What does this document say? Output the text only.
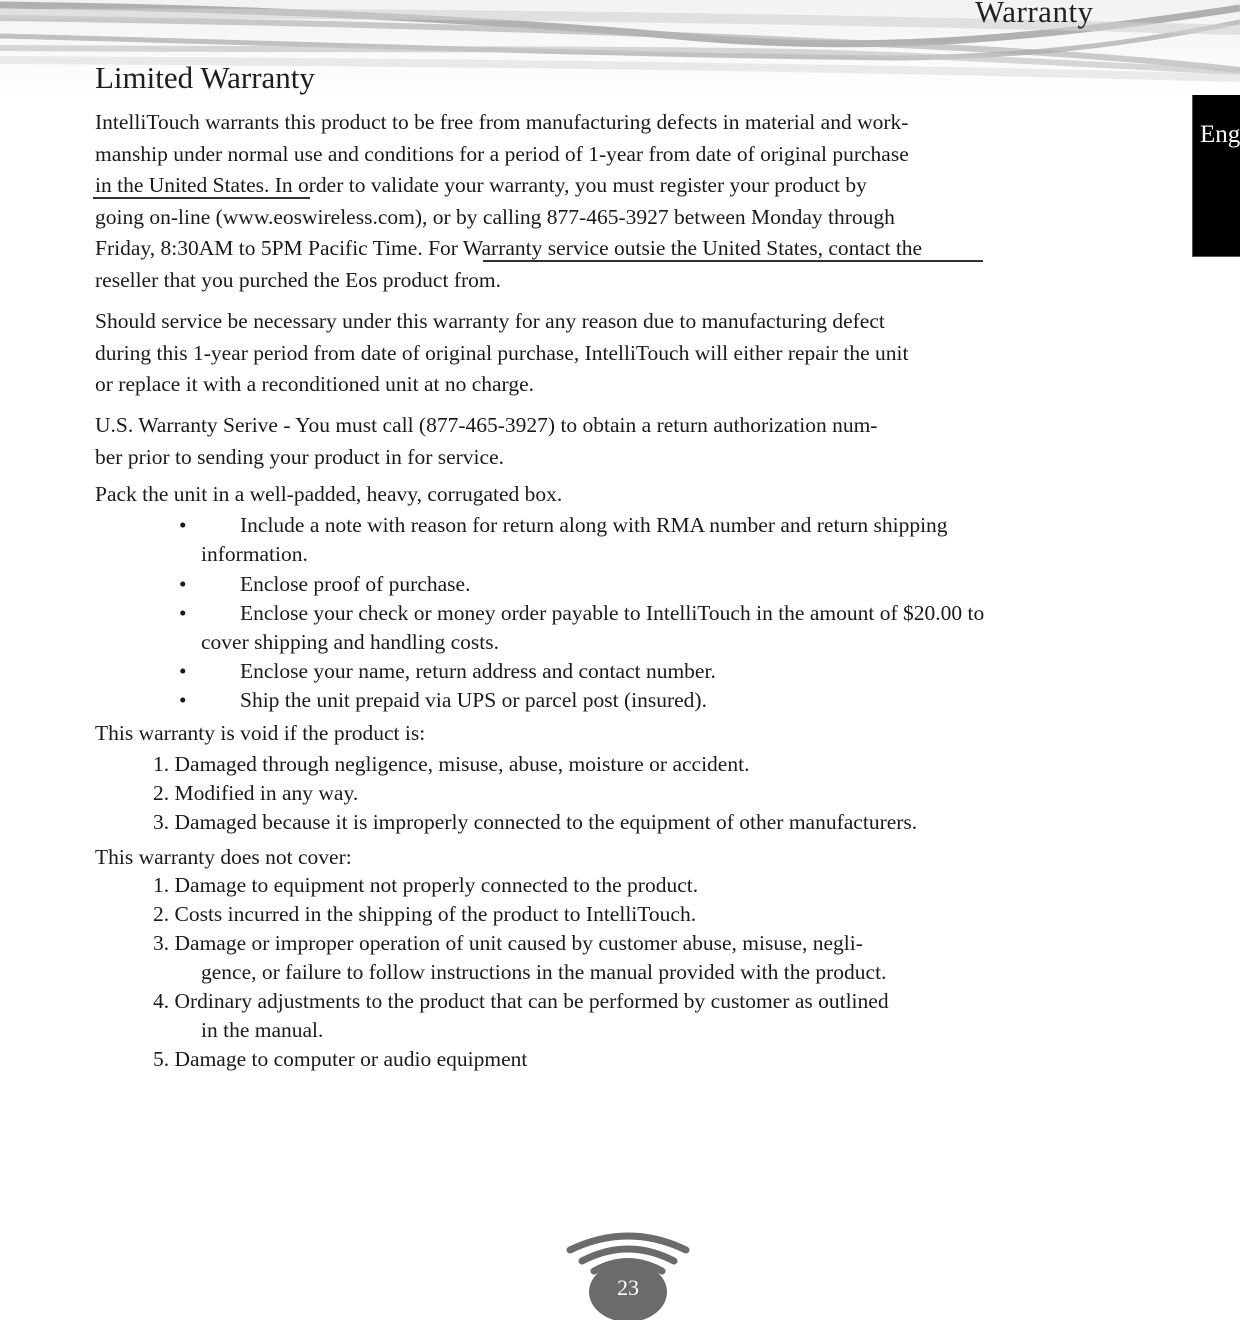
Warranty
Eng
Limited Warranty
IntelliTouch warrants this product to be free from manufacturing defects in material and work-
manship under normal use and conditions for a period of 1-year from date of original purchase
in the United States. In order to validate your warranty, you must register your product by
going on-line (www.eoswireless.com), or by calling 877-465-3927 between Monday through
Friday, 8:30AM to 5PM Pacific Time. For Warranty service outsie the United States, contact the
reseller that you purched the Eos product from.
Should service be necessary under this warranty for any reason due to manufacturing defect
during this 1-year period from date of original purchase, IntelliTouch will either repair the unit
or replace it with a reconditioned unit at no charge.
U.S. Warranty Serive - You must call (877-465-3927) to obtain a return authorization num-
ber prior to sending your product in for service.
Pack the unit in a well-padded, heavy, corrugated box.
• Include a note with reason for return along with RMA number and return shipping
information.
• Enclose proof of purchase.
• Enclose your check or money order payable to IntelliTouch in the amount of $20.00 to
cover shipping and handling costs.
• Enclose your name, return address and contact number.
• Ship the unit prepaid via UPS or parcel post (insured).
This warranty is void if the product is:
1. Damaged through negligence, misuse, abuse, moisture or accident.
2. Modified in any way.
3. Damaged because it is improperly connected to the equipment of other manufacturers.
This warranty does not cover:
1. Damage to equipment not properly connected to the product.
2. Costs incurred in the shipping of the product to IntelliTouch.
3. Damage or improper operation of unit caused by customer abuse, misuse, negli-
gence, or failure to follow instructions in the manual provided with the product.
4. Ordinary adjustments to the product that can be performed by customer as outlined
in the manual.
5. Damage to computer or audio equipment
23
